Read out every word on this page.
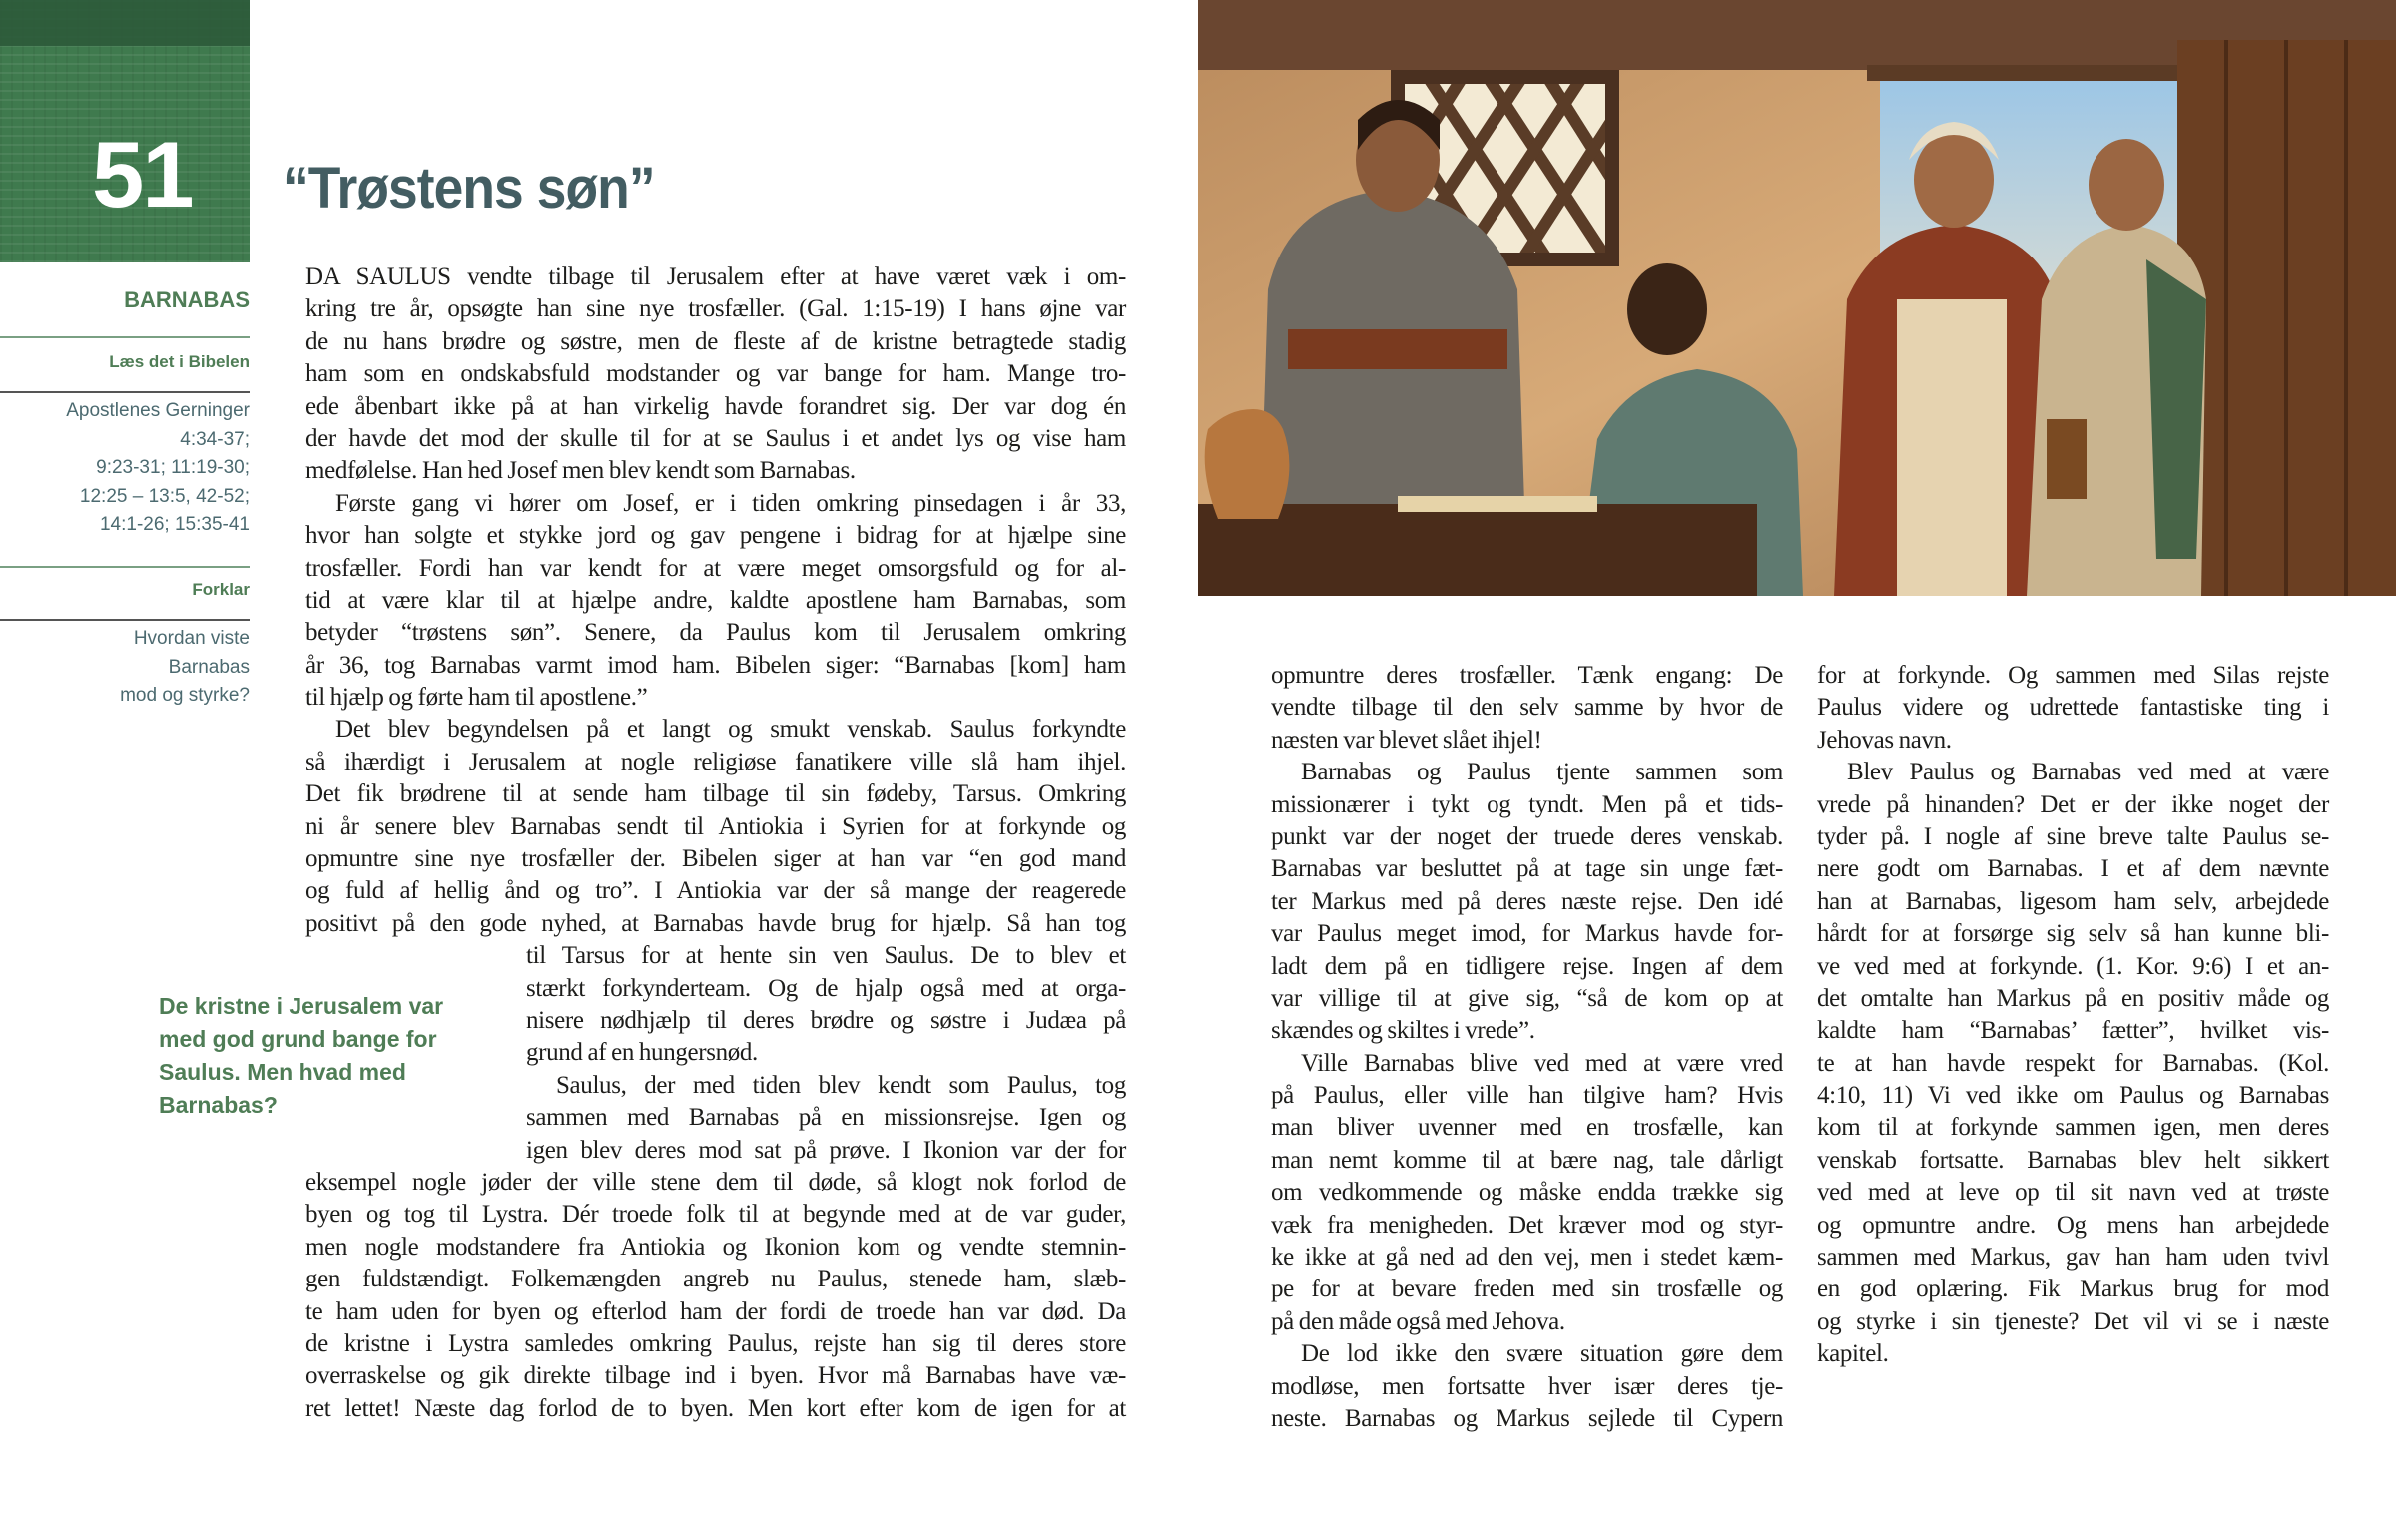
51 “Trøstens søn”
BARNABAS
Læs det i Bibelen
Apostlenes Gerninger
4:34-37;
9:23-31; 11:19-30;
12:25 – 13:5, 42-52;
14:1-26; 15:35-41
Forklar
Hvordan viste
Barnabas
mod og styrke?
De kristne i Jerusalem var
med god grund bange for
Saulus. Men hvad med
Barnabas?
DA SAULUS vendte tilbage til Jerusalem efter at have været væk i om-
kring tre år, opsøgte han sine nye trosfæller. (Gal. 1:15-19) I hans øjne var
de nu hans brødre og søstre, men de fleste af de kristne betragtede stadig
ham som en ondskabsfuld modstander og var bange for ham. Mange tro-
ede åbenbart ikke på at han virkelig havde forandret sig. Der var dog én
der havde det mod der skulle til for at se Saulus i et andet lys og vise ham
medfølelse. Han hed Josef men blev kendt som Barnabas.
Første gang vi hører om Josef, er i tiden omkring pinsedagen i år 33,
hvor han solgte et stykke jord og gav pengene i bidrag for at hjælpe sine
trosfæller. Fordi han var kendt for at være meget omsorgsfuld og for al-
tid at være klar til at hjælpe andre, kaldte apostlene ham Barnabas, som
betyder “trøstens søn”. Senere, da Paulus kom til Jerusalem omkring
år 36, tog Barnabas varmt imod ham. Bibelen siger: “Barnabas [kom] ham
til hjælp og førte ham til apostlene.”
Det blev begyndelsen på et langt og smukt venskab. Saulus forkyndte
så ihærdigt i Jerusalem at nogle religiøse fanatikere ville slå ham ihjel.
Det fik brødrene til at sende ham tilbage til sin fødeby, Tarsus. Omkring
ni år senere blev Barnabas sendt til Antiokia i Syrien for at forkynde og
opmuntre sine nye trosfæller der. Bibelen siger at han var “en god mand
og fuld af hellig ånd og tro”. I Antiokia var der så mange der reagerede
positivt på den gode nyhed, at Barnabas havde brug for hjælp. Så han tog
til Tarsus for at hente sin ven Saulus. De to blev et
stærkt forkynderteam. Og de hjalp også med at orga-
nisere nødhjælp til deres brødre og søstre i Judæa på
grund af en hungersnød.
Saulus, der med tiden blev kendt som Paulus, tog
sammen med Barnabas på en missionsrejse. Igen og
igen blev deres mod sat på prøve. I Ikonion var der for
eksempel nogle jøder der ville stene dem til døde, så klogt nok forlod de
byen og tog til Lystra. Dér troede folk til at begynde med at de var guder,
men nogle modstandere fra Antiokia og Ikonion kom og vendte stemnin-
gen fuldstændigt. Folkemængden angreb nu Paulus, stenede ham, slæb-
te ham uden for byen og efterlod ham der fordi de troede han var død. Da
de kristne i Lystra samledes omkring Paulus, rejste han sig til deres store
overraskelse og gik direkte tilbage ind i byen. Hvor må Barnabas have væ-
ret lettet! Næste dag forlod de to byen. Men kort efter kom de igen for at
opmuntre deres trosfæller. Tænk engang: De
vendte tilbage til den selv samme by hvor de
næsten var blevet slået ihjel!
Barnabas og Paulus tjente sammen som
missionærer i tykt og tyndt. Men på et tids-
punkt var der noget der truede deres venskab.
Barnabas var besluttet på at tage sin unge fæt-
ter Markus med på deres næste rejse. Den idé
var Paulus meget imod, for Markus havde for-
ladt dem på en tidligere rejse. Ingen af dem
var villige til at give sig, “så de kom op at
skændes og skiltes i vrede”.
Ville Barnabas blive ved med at være vred
på Paulus, eller ville han tilgive ham? Hvis
man bliver uvenner med en trosfælle, kan
man nemt komme til at bære nag, tale dårligt
om vedkommende og måske endda trække sig
væk fra menigheden. Det kræver mod og styr-
ke ikke at gå ned ad den vej, men i stedet kæm-
pe for at bevare freden med sin trosfælle og
på den måde også med Jehova.
De lod ikke den svære situation gøre dem
modløse, men fortsatte hver især deres tje-
neste. Barnabas og Markus sejlede til Cypern
for at forkynde. Og sammen med Silas rejste
Paulus videre og udrettede fantastiske ting i
Jehovas navn.
Blev Paulus og Barnabas ved med at være
vrede på hinanden? Det er der ikke noget der
tyder på. I nogle af sine breve talte Paulus se-
nere godt om Barnabas. I et af dem nævnte
han at Barnabas, ligesom ham selv, arbejdede
hårdt for at forsørge sig selv så han kunne bli-
ve ved med at forkynde. (1. Kor. 9:6) I et an-
det omtalte han Markus på en positiv måde og
kaldte ham “Barnabas’ fætter”, hvilket vis-
te at han havde respekt for Barnabas. (Kol.
4:10, 11) Vi ved ikke om Paulus og Barnabas
kom til at forkynde sammen igen, men deres
venskab fortsatte. Barnabas blev helt sikkert
ved med at leve op til sit navn ved at trøste
og opmuntre andre. Og mens han arbejdede
sammen med Markus, gav han ham uden tvivl
en god oplæring. Fik Markus brug for mod
og styrke i sin tjeneste? Det vil vi se i næste
kapitel.
